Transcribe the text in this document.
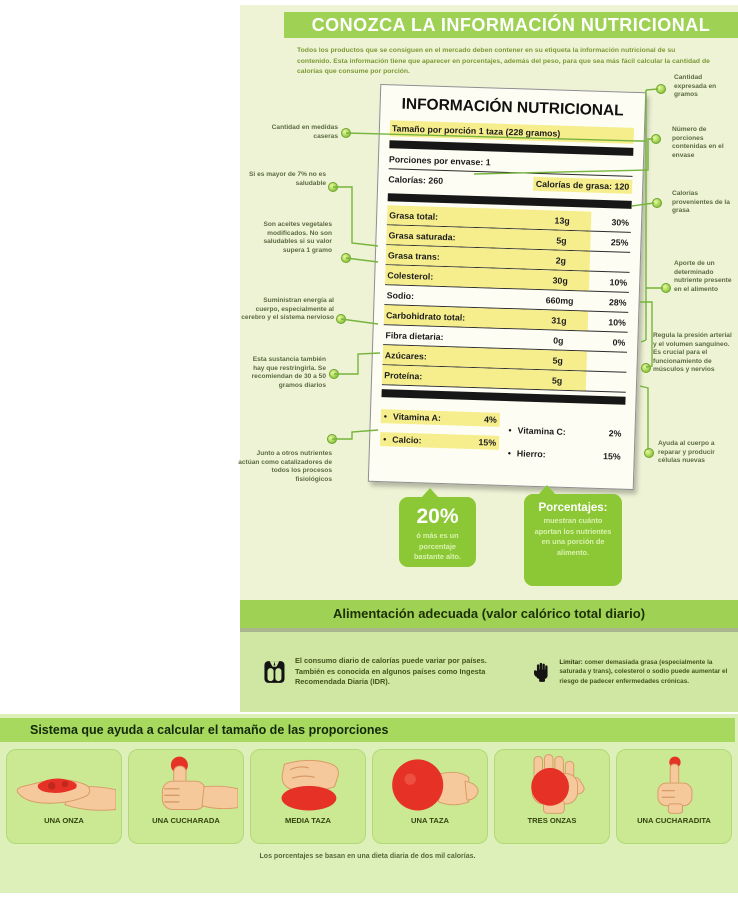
CONOZCA LA INFORMACIÓN NUTRICIONAL
Todos los productos que se consiguen en el mercado deben contener en su etiqueta la información nutricional de su contenido. Esta información tiene que aparecer en porcentajes, además del peso, para que sea más fácil calcular la cantidad de calorías que consume por porción.
INFORMACIÓN NUTRICIONAL
Tamaño por porción 1 taza (228 gramos)
Porciones por envase: 1
Calorías: 260	Calorías de grasa: 120
Grasa total:	13g	30%
Grasa saturada:	5g	25%
Grasa trans:	2g
Colesterol:	30g	10%
Sodio:	660mg	28%
Carbohidrato total:	31g	10%
Fibra dietaria:	0g	0%
Azúcares:	5g
Proteína:	5g
• Vitamina A:	4%
• Calcio:	15%
• Vitamina C:	2%
• Hierro:	15%
Cantidad en medidas caseras
Si es mayor de 7% no es saludable
Son aceites vegetales modificados. No son saludables si su valor supera 1 gramo
Suministran energía al cuerpo, especialmente al cerebro y el sistema nervioso
Esta sustancia también hay que restringirla. Se recomiendan de 30 a 50 gramos diarios
Junto a otros nutrientes actúan como catalizadores de todos los procesos fisiológicos
Cantidad expresada en gramos
Número de porciones contenidas en el envase
Calorías provenientes de la grasa
Aporte de un determinado nutriente presente en el alimento
Regula la presión arterial y el volumen sanguíneo. Es crucial para el funcionamiento de músculos y nervios
Ayuda al cuerpo a reparar y producir células nuevas
20%
ó más es un porcentaje bastante alto.
Porcentajes:
muestran cuánto aportan los nutrientes en una porción de alimento.
Alimentación adecuada (valor calórico total diario)
El consumo diario de calorías puede variar por países. También es conocida en algunos países como Ingesta Recomendada Diaria (IDR).
Limitar: comer demasiada grasa (especialmente la saturada y trans), colesterol o sodio puede aumentar el riesgo de padecer enfermedades crónicas.
Sistema que ayuda a calcular el tamaño de las proporciones
UNA ONZA	UNA CUCHARADA	MEDIA TAZA	UNA TAZA	TRES ONZAS	UNA CUCHARADITA
Los porcentajes se basan en una dieta diaria de dos mil calorías.
